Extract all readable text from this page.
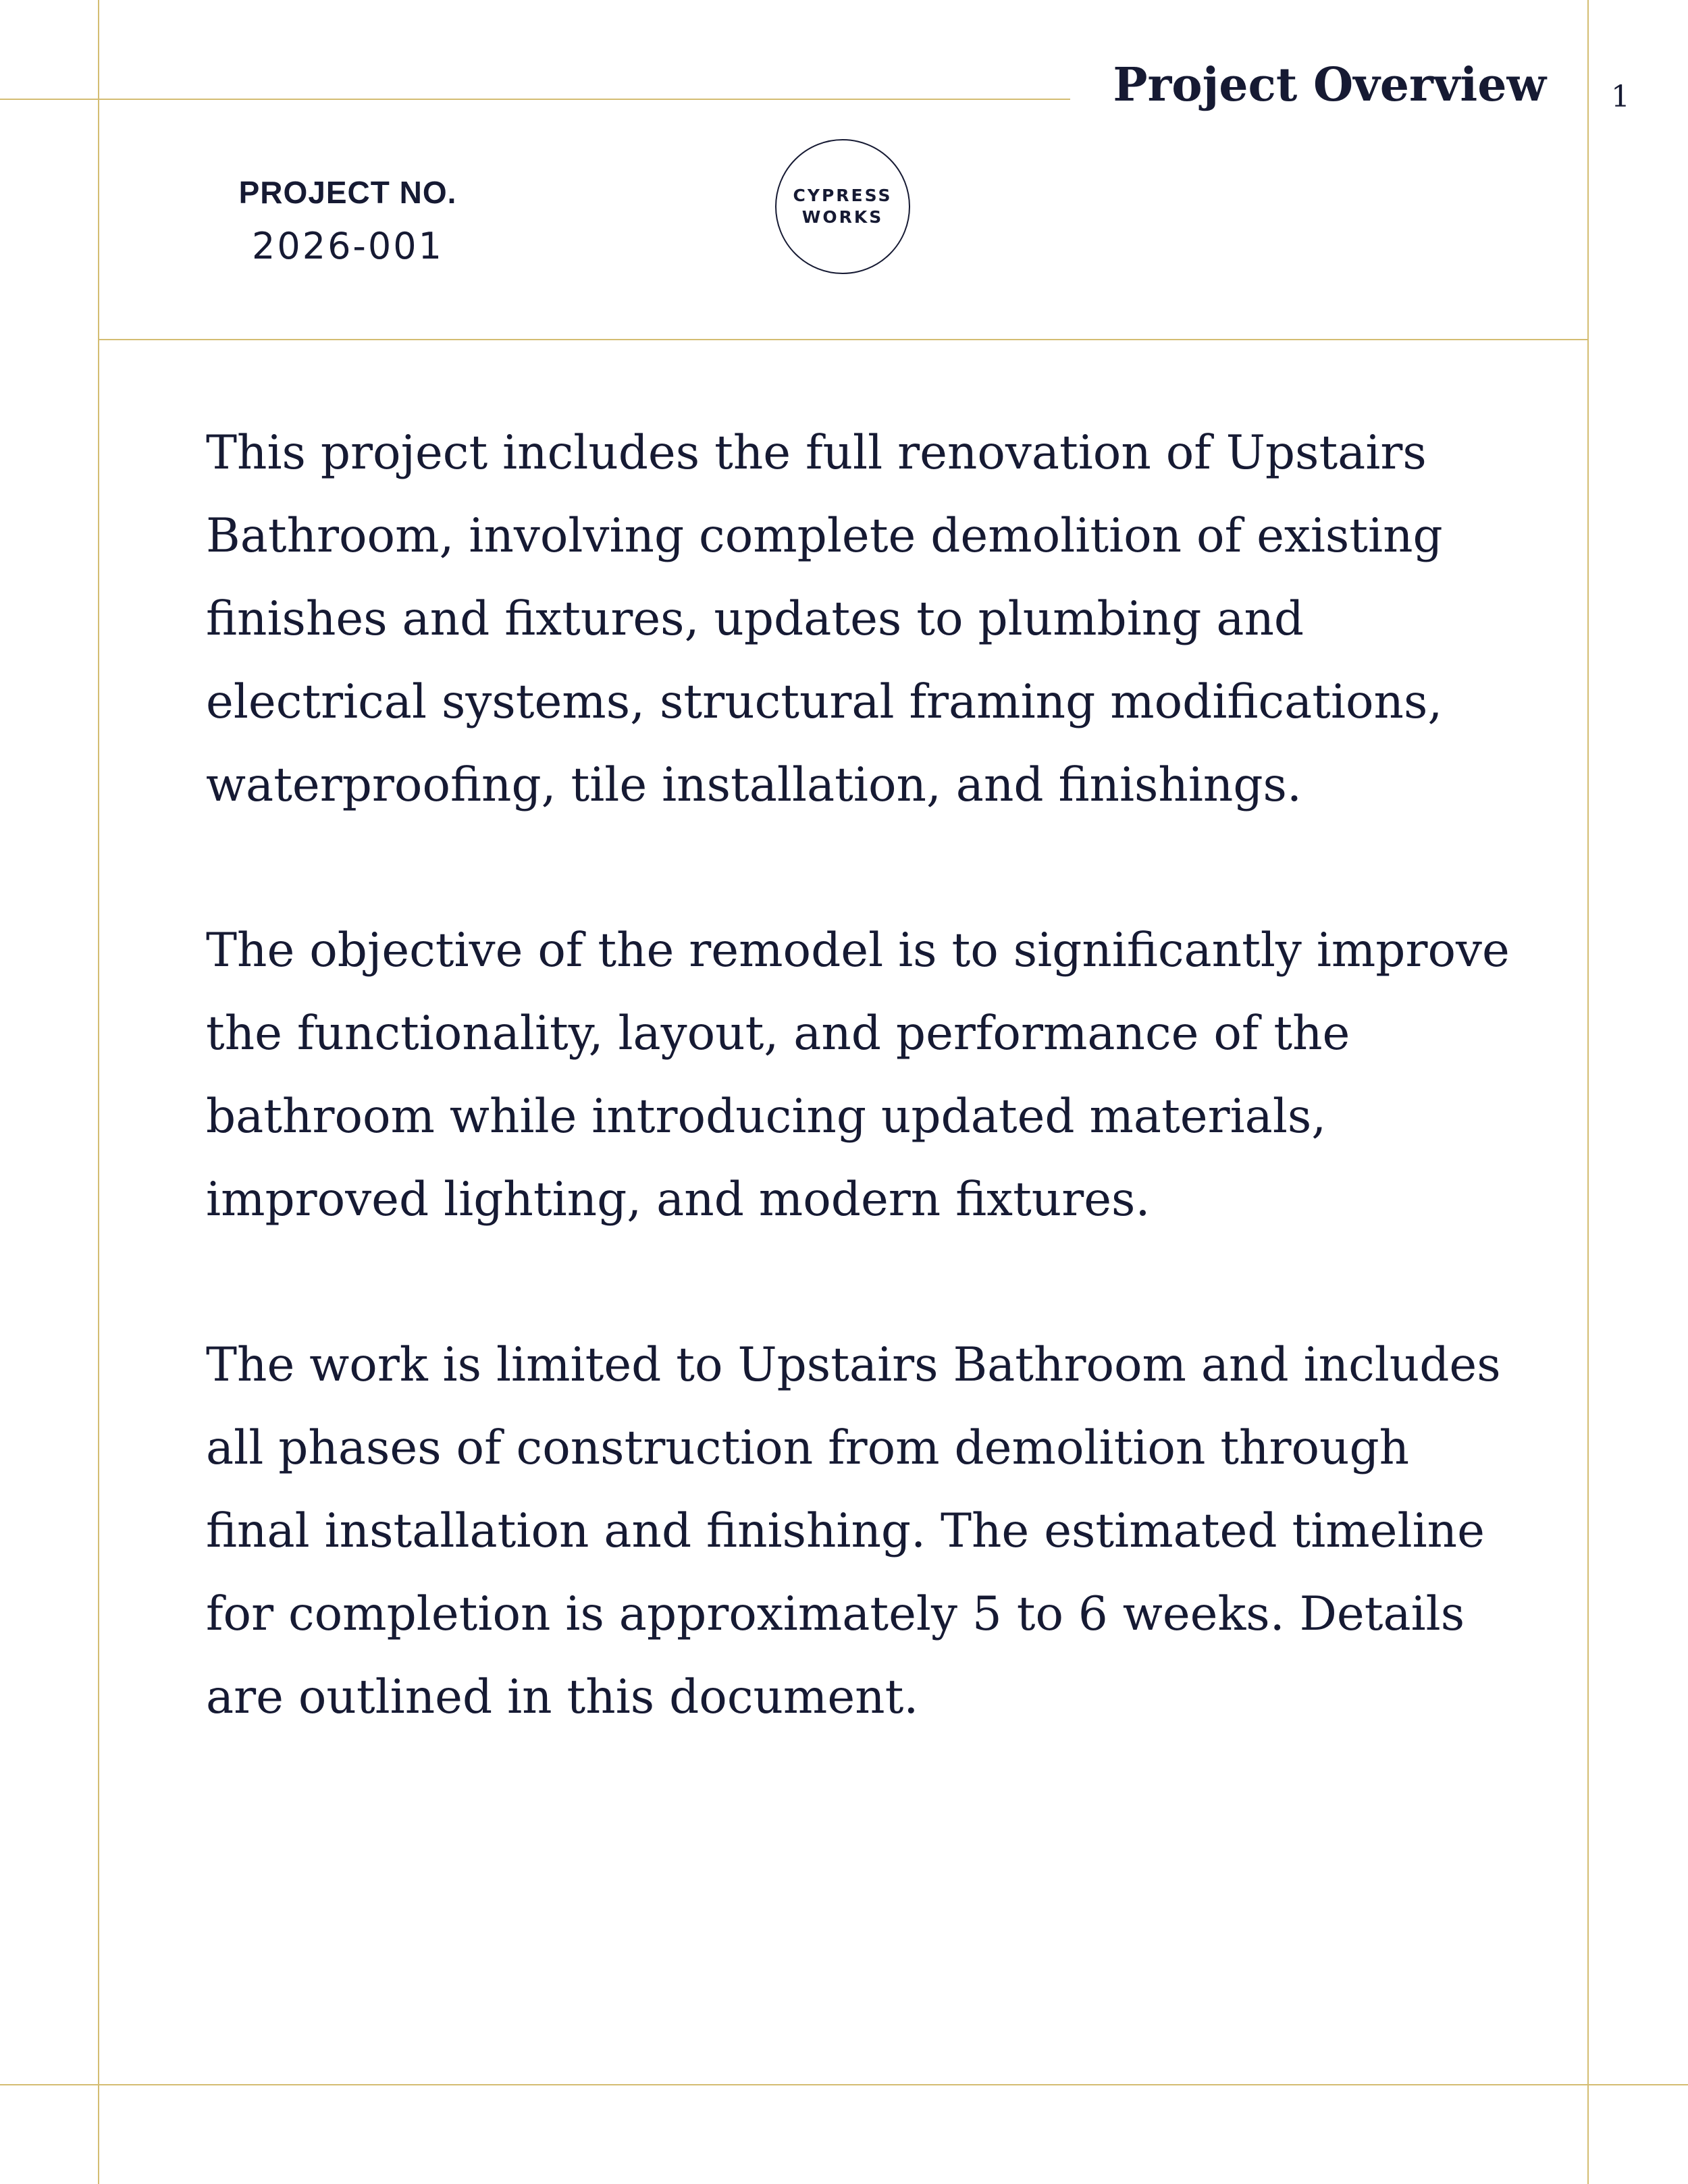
Project Overview 1
PROJECT NO.
2026-001
CYPRESS
WORKS

This project includes the full renovation of Upstairs Bathroom, involving complete demolition of existing finishes and fixtures, updates to plumbing and electrical systems, structural framing modifications, waterproofing, tile installation, and finishings.

The objective of the remodel is to significantly improve the functionality, layout, and performance of the bathroom while introducing updated materials, improved lighting, and modern fixtures.

The work is limited to Upstairs Bathroom and includes all phases of construction from demolition through final installation and finishing. The estimated timeline for completion is approximately 5 to 6 weeks. Details are outlined in this document.
